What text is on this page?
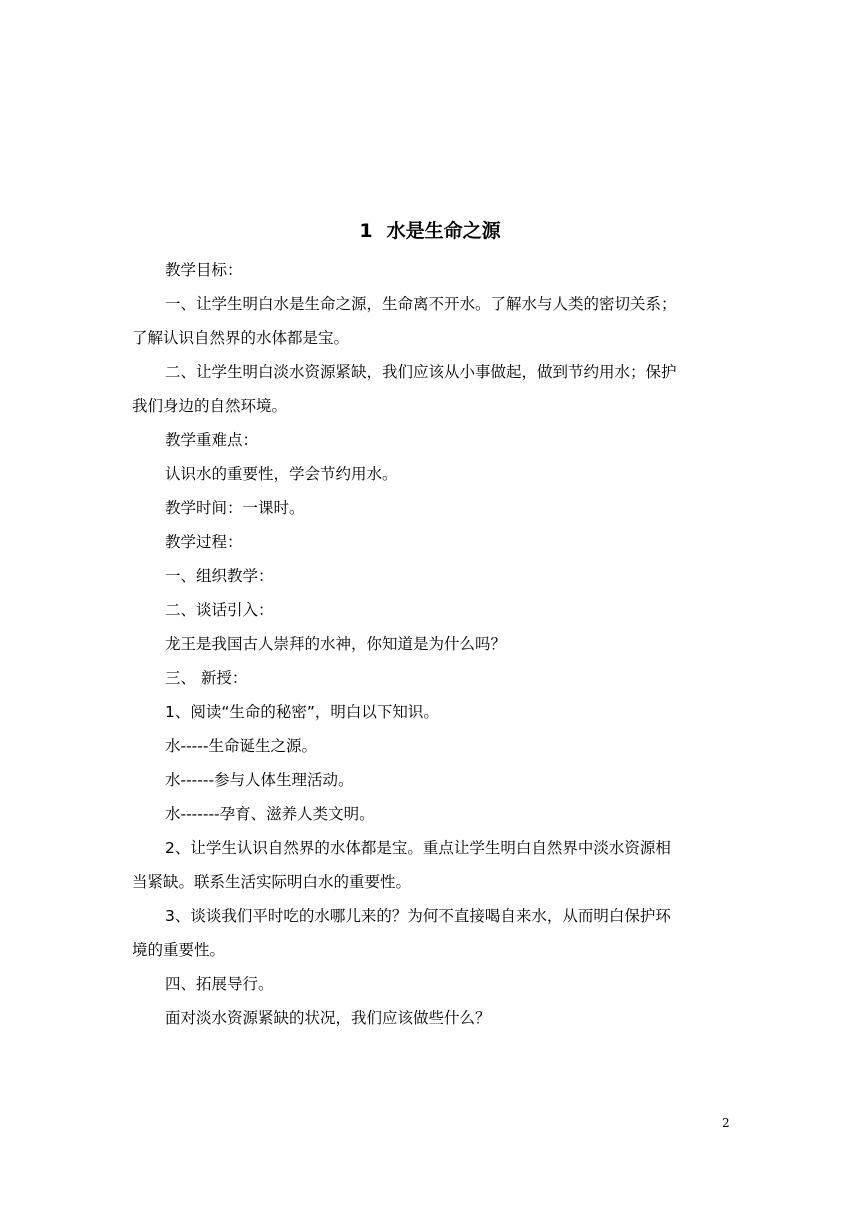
1 水是生命之源

教学目标：

一、让学生明白水是生命之源，生命离不开水。了解水与人类的密切关系；

了解认识自然界的水体都是宝。

二、让学生明白淡水资源紧缺，我们应该从小事做起，做到节约用水；保护

我们身边的自然环境。

教学重难点：

认识水的重要性，学会节约用水。

教学时间：一课时。

教学过程：

一、组织教学：

二、谈话引入：

龙王是我国古人崇拜的水神，你知道是为什么吗？

三、 新授：

1、阅读“生命的秘密”，明白以下知识。

水-----生命诞生之源。

水------参与人体生理活动。

水-------孕育、滋养人类文明。

2、让学生认识自然界的水体都是宝。重点让学生明白自然界中淡水资源相

当紧缺。联系生活实际明白水的重要性。

3、谈谈我们平时吃的水哪儿来的？为何不直接喝自来水，从而明白保护环

境的重要性。

四、拓展导行。

面对淡水资源紧缺的状况，我们应该做些什么？

2
